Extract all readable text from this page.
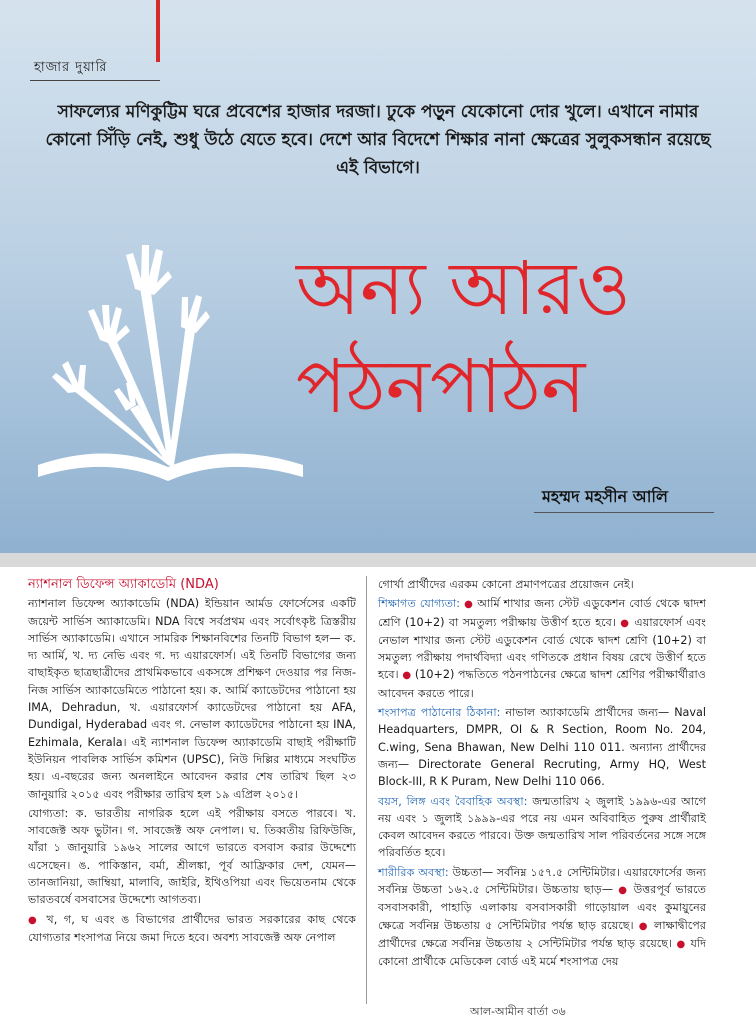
হাজার দুয়ারি
সাফল্যের মণিকুট্টিম ঘরে প্রবেশের হাজার দরজা। ঢুকে পড়ুন যেকোনো দোর খুলে। এখানে নামার কোনো সিঁড়ি নেই, শুধু উঠে যেতে হবে। দেশে আর বিদেশে শিক্ষার নানা ক্ষেত্রের সুলুকসন্ধান রয়েছে এই বিভাগে।
অন্য আরও
পঠনপাঠন
মহম্মদ মহসীন আলি

ন্যাশনাল ডিফেন্স অ্যাকাডেমি (NDA)

ন্যাশনাল ডিফেন্স অ্যাকাডেমি (NDA) ইন্ডিয়ান আর্মড ফোর্সেসের একটি জয়েন্ট সার্ভিস অ্যাকাডেমি। NDA বিশ্বে সর্বপ্রথম এবং সর্বোৎকৃষ্ট ত্রিস্তরীয় সার্ভিস অ্যাকাডেমি। এখানে সামরিক শিক্ষানবিশের তিনটি বিভাগ হল— ক. দ্য আর্মি, খ. দ্য নেভি এবং গ. দ্য এয়ারফোর্স। এই তিনটি বিভাগের জন্য বাছাইকৃত ছাত্রছাত্রীদের প্রাথমিকভাবে একসঙ্গে প্রশিক্ষণ দেওয়ার পর নিজ-নিজ সার্ভিস অ্যাকাডেমিতে পাঠানো হয়। ক. আর্মি ক্যাডেটদের পাঠানো হয় IMA, Dehradun, খ. এয়ারফোর্স ক্যাডেটদের পাঠানো হয় AFA, Dundigal, Hyderabad এবং গ. নেভাল ক্যাডেটদের পাঠানো হয় INA, Ezhimala, Kerala। এই ন্যাশনাল ডিফেন্স অ্যাকাডেমি বাছাই পরীক্ষাটি ইউনিয়ন পাবলিক সার্ভিস কমিশন (UPSC), নিউ দিল্লির মাধ্যমে সংঘটিত হয়। এ-বছরের জন্য অনলাইনে আবেদন করার শেষ তারিখ ছিল ২৩ জানুয়ারি ২০১৫ এবং পরীক্ষার তারিখ হল ১৯ এপ্রিল ২০১৫।

যোগ্যতা: ক. ভারতীয় নাগরিক হলে এই পরীক্ষায় বসতে পারবে। খ. সাবজেক্ট অফ ভুটান। গ. সাবজেক্ট অফ নেপাল। ঘ. তিব্বতীয় রিফিউজি, যাঁরা ১ জানুয়ারি ১৯৬২ সালের আগে ভারতে বসবাস করার উদ্দেশ্যে এসেছেন। ঙ. পাকিস্তান, বর্মা, শ্রীলঙ্কা, পূর্ব আফ্রিকার দেশ, যেমন— তানজানিয়া, জাম্বিয়া, মালাবি, জাইরি, ইথিওপিয়া এবং ভিয়েতনাম থেকে ভারতবর্ষে বসবাসের উদ্দেশ্যে আগতব্য।

● খ, গ, ঘ এবং ঙ বিভাগের প্রার্থীদের ভারত সরকারের কাছ থেকে যোগ্যতার শংসাপত্র নিয়ে জমা দিতে হবে। অবশ্য সাবজেক্ট অফ নেপাল

গোর্খা প্রার্থীদের এরকম কোনো প্রমাণপত্রের প্রয়োজন নেই।

শিক্ষাগত যোগ্যতা: ● আর্মি শাখার জন্য স্টেট এডুকেশন বোর্ড থেকে দ্বাদশ শ্রেণি (10+2) বা সমতুল্য পরীক্ষায় উত্তীর্ণ হতে হবে। ● এয়ারফোর্স এবং নেভাল শাখার জন্য স্টেট এডুকেশন বোর্ড থেকে দ্বাদশ শ্রেণি (10+2) বা সমতুল্য পরীক্ষায় পদার্থবিদ্যা এবং গণিতকে প্রধান বিষয় রেখে উত্তীর্ণ হতে হবে। ● (10+2) পদ্ধতিতে পঠনপাঠনের ক্ষেত্রে দ্বাদশ শ্রেণির পরীক্ষার্থীরাও আবেদন করতে পারে।

শংসাপত্র পাঠানোর ঠিকানা: নাভাল অ্যাকাডেমি প্রার্থীদের জন্য— Naval Headquarters, DMPR, OI & R Section, Room No. 204, C.wing, Sena Bhawan, New Delhi 110 011. অন্যান্য প্রার্থীদের জন্য— Directorate General Recruting, Army HQ, West Block-III, R K Puram, New Delhi 110 066.

বয়স, লিঙ্গ এবং বৈবাহিক অবস্থা: জন্মতারিখ ২ জুলাই ১৯৯৬-এর আগে নয় এবং ১ জুলাই ১৯৯৯-এর পরে নয় এমন অবিবাহিত পুরুষ প্রার্থীরাই কেবল আবেদন করতে পারবে। উক্ত জন্মতারিখ সাল পরিবর্তনের সঙ্গে সঙ্গে পরিবর্তিত হবে।

শারীরিক অবস্থা: উচ্চতা— সর্বনিম্ন ১৫৭.৫ সেন্টিমিটার। এয়ারফোর্সের জন্য সর্বনিম্ন উচ্চতা ১৬২.৫ সেন্টিমিটার। উচ্চতায় ছাড়— ● উত্তরপূর্ব ভারতে বসবাসকারী, পাহাড়ি এলাকায় বসবাসকারী গাড়োয়াল এবং কুমায়ুনের ক্ষেত্রে সর্বনিম্ন উচ্চতায় ৫ সেন্টিমিটার পর্যন্ত ছাড় রয়েছে। ● লাক্ষাদ্বীপের প্রার্থীদের ক্ষেত্রে সর্বনিম্ন উচ্চতায় ২ সেন্টিমিটার পর্যন্ত ছাড় রয়েছে। ● যদি কোনো প্রার্থীকে মেডিকেল বোর্ড এই মর্মে শংসাপত্র দেয়

আল-আমীন বার্তা ৩৬
